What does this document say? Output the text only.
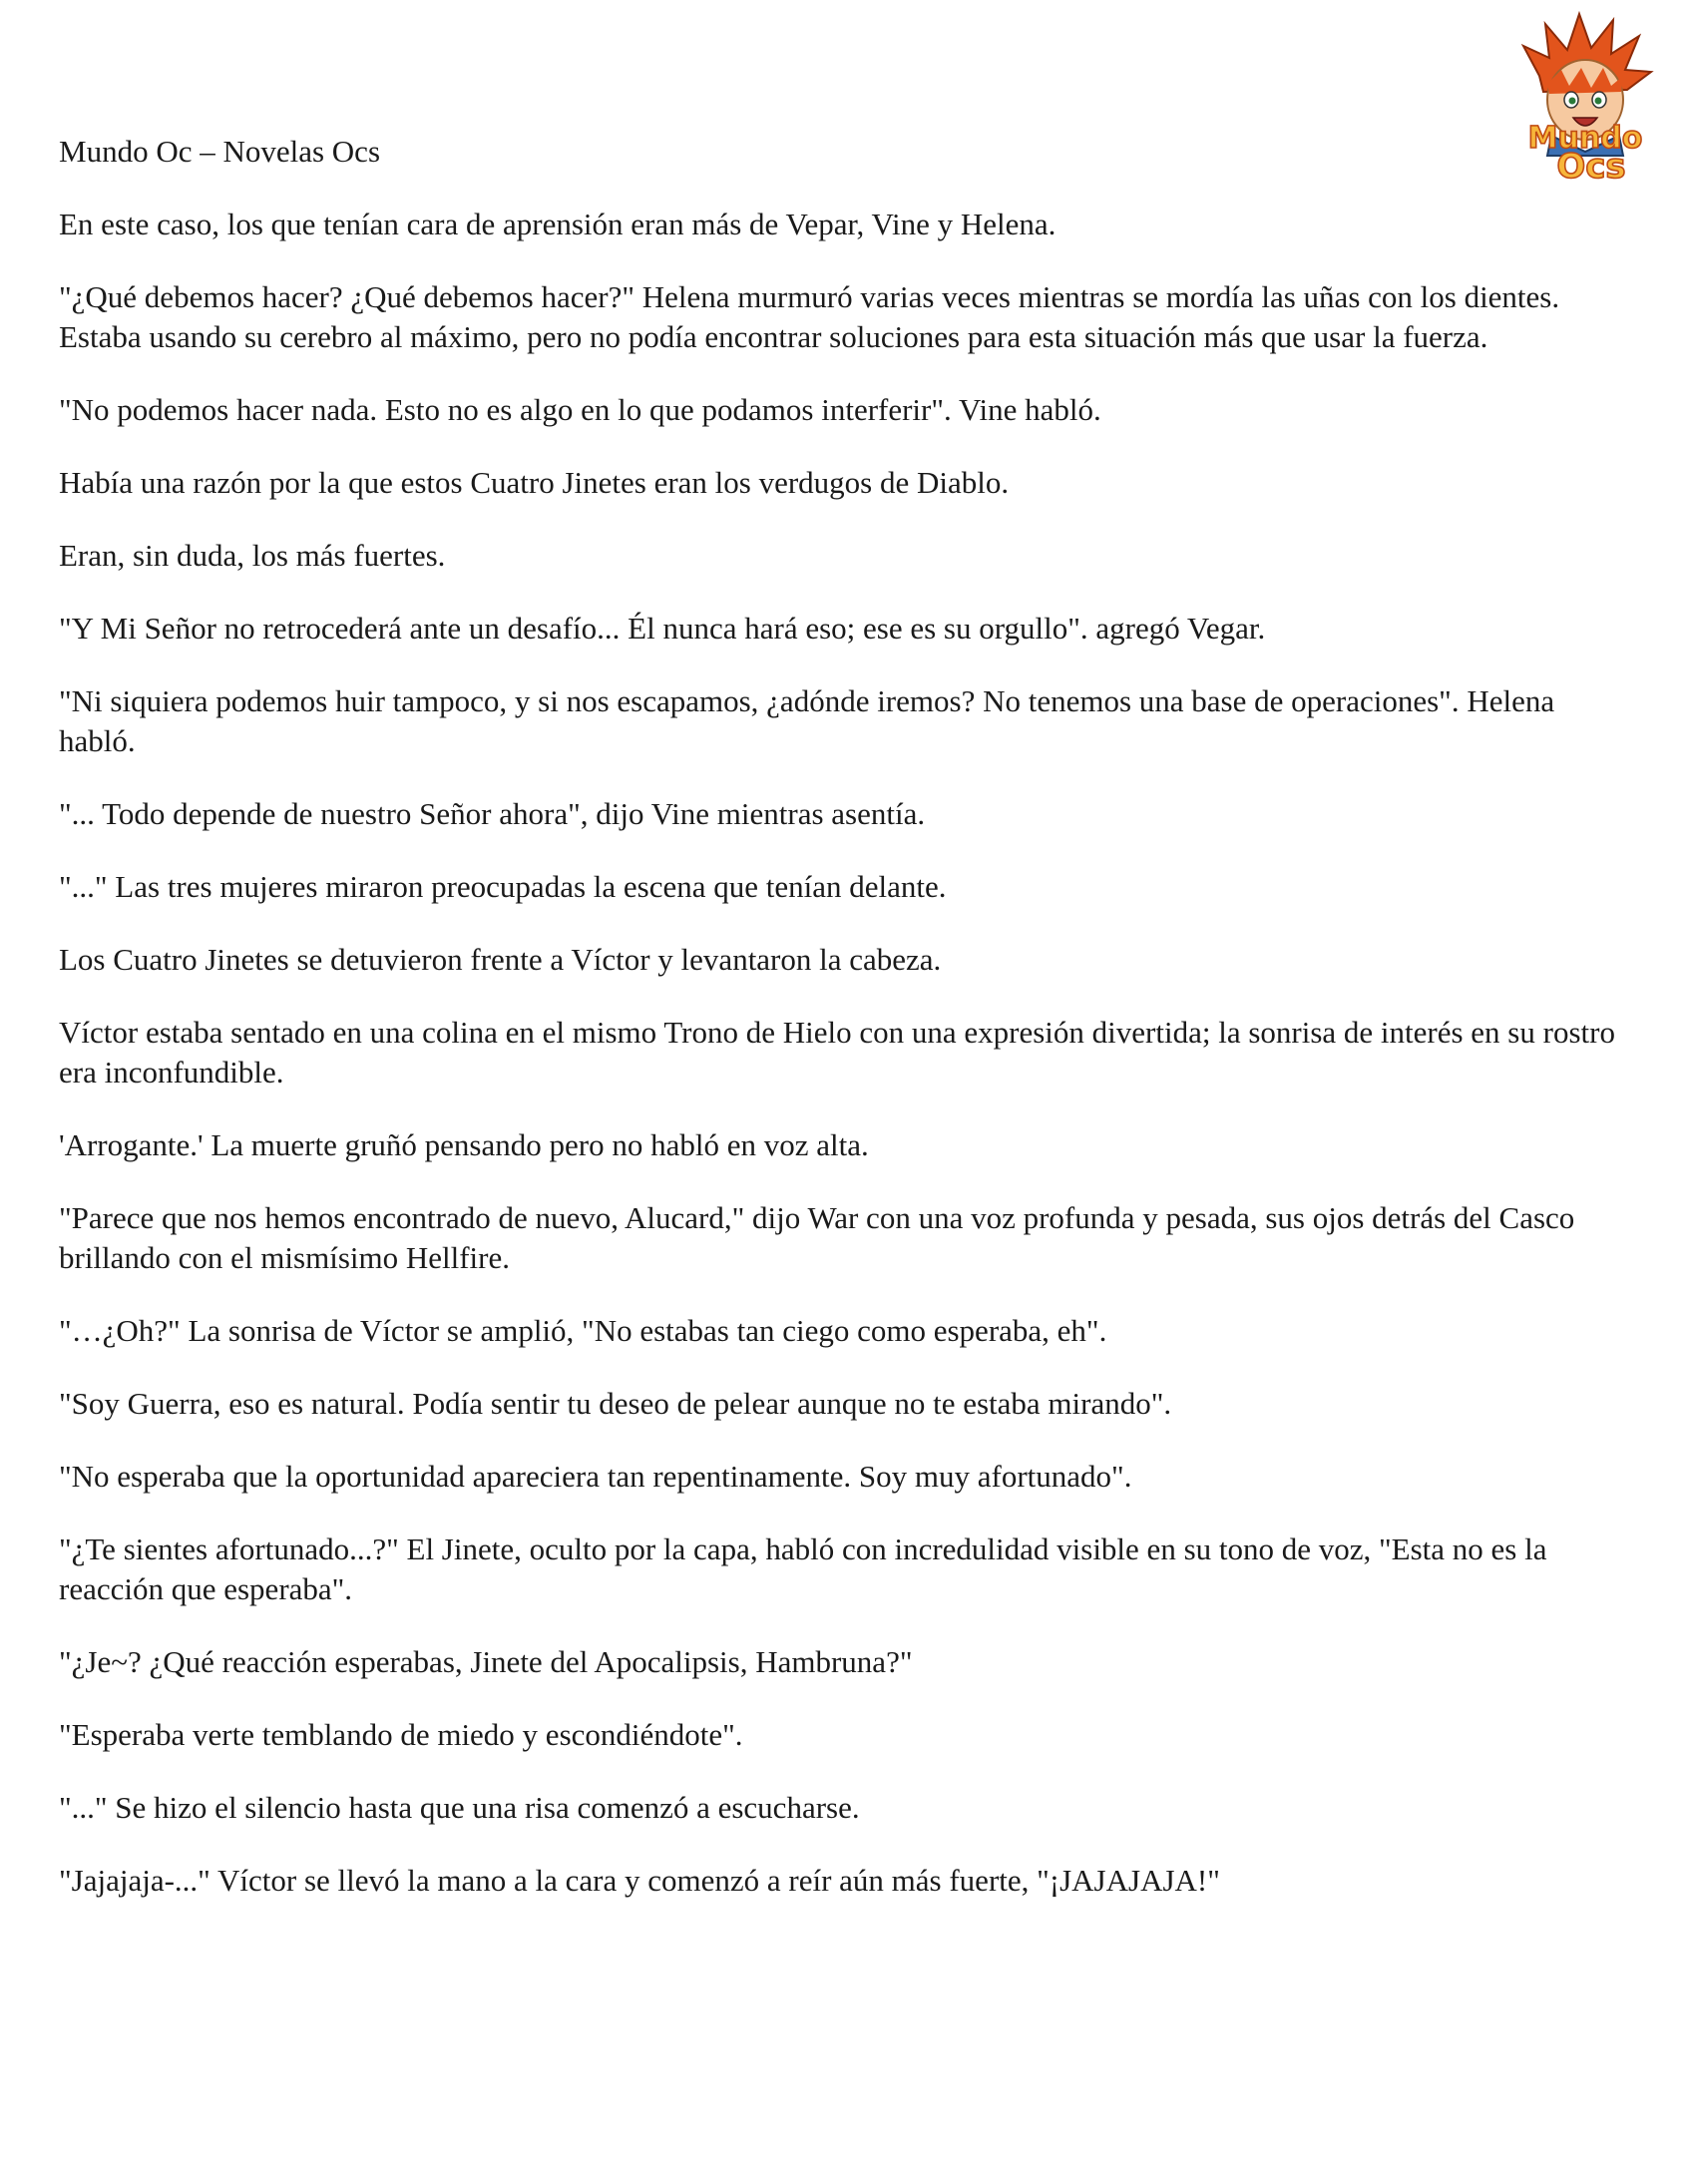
Mundo Oc – Novelas Ocs	Mundo
Ocs

En este caso, los que tenían cara de aprensión eran más de Vepar, Vine y Helena.

"¿Qué debemos hacer? ¿Qué debemos hacer?" Helena murmuró varias veces mientras se mordía las uñas con los dientes. Estaba usando su cerebro al máximo, pero no podía encontrar soluciones para esta situación más que usar la fuerza.

"No podemos hacer nada. Esto no es algo en lo que podamos interferir". Vine habló.

Había una razón por la que estos Cuatro Jinetes eran los verdugos de Diablo.

Eran, sin duda, los más fuertes.

"Y Mi Señor no retrocederá ante un desafío... Él nunca hará eso; ese es su orgullo". agregó Vegar.

"Ni siquiera podemos huir tampoco, y si nos escapamos, ¿adónde iremos? No tenemos una base de operaciones". Helena habló.

"... Todo depende de nuestro Señor ahora", dijo Vine mientras asentía.

"..." Las tres mujeres miraron preocupadas la escena que tenían delante.

Los Cuatro Jinetes se detuvieron frente a Víctor y levantaron la cabeza.

Víctor estaba sentado en una colina en el mismo Trono de Hielo con una expresión divertida; la sonrisa de interés en su rostro era inconfundible.

'Arrogante.' La muerte gruñó pensando pero no habló en voz alta.

"Parece que nos hemos encontrado de nuevo, Alucard," dijo War con una voz profunda y pesada, sus ojos detrás del Casco brillando con el mismísimo Hellfire.

"…¿Oh?" La sonrisa de Víctor se amplió, "No estabas tan ciego como esperaba, eh".

"Soy Guerra, eso es natural. Podía sentir tu deseo de pelear aunque no te estaba mirando".

"No esperaba que la oportunidad apareciera tan repentinamente. Soy muy afortunado".

"¿Te sientes afortunado...?" El Jinete, oculto por la capa, habló con incredulidad visible en su tono de voz, "Esta no es la reacción que esperaba".

"¿Je~? ¿Qué reacción esperabas, Jinete del Apocalipsis, Hambruna?"

"Esperaba verte temblando de miedo y escondiéndote".

"..." Se hizo el silencio hasta que una risa comenzó a escucharse.

"Jajajaja-..." Víctor se llevó la mano a la cara y comenzó a reír aún más fuerte, "¡JAJAJAJA!"
